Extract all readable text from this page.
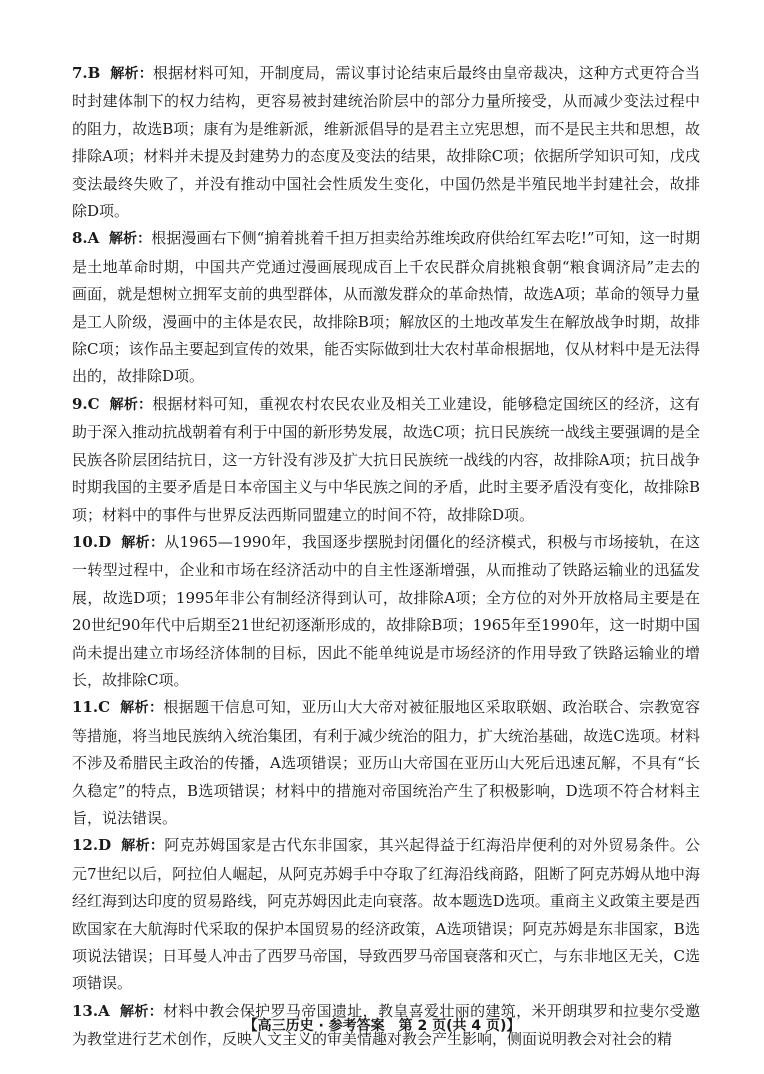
7.B 解析：根据材料可知，开制度局，需议事讨论结束后最终由皇帝裁决，这种方式更符合当时封建体制下的权力结构，更容易被封建统治阶层中的部分力量所接受，从而减少变法过程中的阻力，故选B项；康有为是维新派，维新派倡导的是君主立宪思想，而不是民主共和思想，故排除A项；材料并未提及封建势力的态度及变法的结果，故排除C项；依据所学知识可知，戊戌变法最终失败了，并没有推动中国社会性质发生变化，中国仍然是半殖民地半封建社会，故排除D项。
8.A 解析：根据漫画右下侧“掮着挑着千担万担卖给苏维埃政府供给红军去吃!”可知，这一时期是土地革命时期，中国共产党通过漫画展现成百上千农民群众肩挑粮食朝“粮食调济局”走去的画面，就是想树立拥军支前的典型群体，从而激发群众的革命热情，故选A项；革命的领导力量是工人阶级，漫画中的主体是农民，故排除B项；解放区的土地改革发生在解放战争时期，故排除C项；该作品主要起到宣传的效果，能否实际做到壮大农村革命根据地，仅从材料中是无法得出的，故排除D项。
9.C 解析：根据材料可知，重视农村农民农业及相关工业建设，能够稳定国统区的经济，这有助于深入推动抗战朝着有利于中国的新形势发展，故选C项；抗日民族统一战线主要强调的是全民族各阶层团结抗日，这一方针没有涉及扩大抗日民族统一战线的内容，故排除A项；抗日战争时期我国的主要矛盾是日本帝国主义与中华民族之间的矛盾，此时主要矛盾没有变化，故排除B项；材料中的事件与世界反法西斯同盟建立的时间不符，故排除D项。
10.D 解析：从1965—1990年，我国逐步摆脱封闭僵化的经济模式，积极与市场接轨，在这一转型过程中，企业和市场在经济活动中的自主性逐渐增强，从而推动了铁路运输业的迅猛发展，故选D项；1995年非公有制经济得到认可，故排除A项；全方位的对外开放格局主要是在20世纪90年代中后期至21世纪初逐渐形成的，故排除B项；1965年至1990年，这一时期中国尚未提出建立市场经济体制的目标，因此不能单纯说是市场经济的作用导致了铁路运输业的增长，故排除C项。
11.C 解析：根据题干信息可知，亚历山大大帝对被征服地区采取联姻、政治联合、宗教宽容等措施，将当地民族纳入统治集团，有利于减少统治的阻力，扩大统治基础，故选C选项。材料不涉及希腊民主政治的传播，A选项错误；亚历山大帝国在亚历山大死后迅速瓦解，不具有“长久稳定”的特点，B选项错误；材料中的措施对帝国统治产生了积极影响，D选项不符合材料主旨，说法错误。
12.D 解析：阿克苏姆国家是古代东非国家，其兴起得益于红海沿岸便利的对外贸易条件。公元7世纪以后，阿拉伯人崛起，从阿克苏姆手中夺取了红海沿线商路，阻断了阿克苏姆从地中海经红海到达印度的贸易路线，阿克苏姆因此走向衰落。故本题选D选项。重商主义政策主要是西欧国家在大航海时代采取的保护本国贸易的经济政策，A选项错误；阿克苏姆是东非国家，B选项说法错误；日耳曼人冲击了西罗马帝国，导致西罗马帝国衰落和灭亡，与东非地区无关，C选项错误。
13.A 解析：材料中教会保护罗马帝国遗址，教皇喜爱壮丽的建筑，米开朗琪罗和拉斐尔受邀为教堂进行艺术创作，反映人文主义的审美情趣对教会产生影响，侧面说明教会对社会的精
【高三历史 · 参考答案　第 2 页(共 4 页)】
